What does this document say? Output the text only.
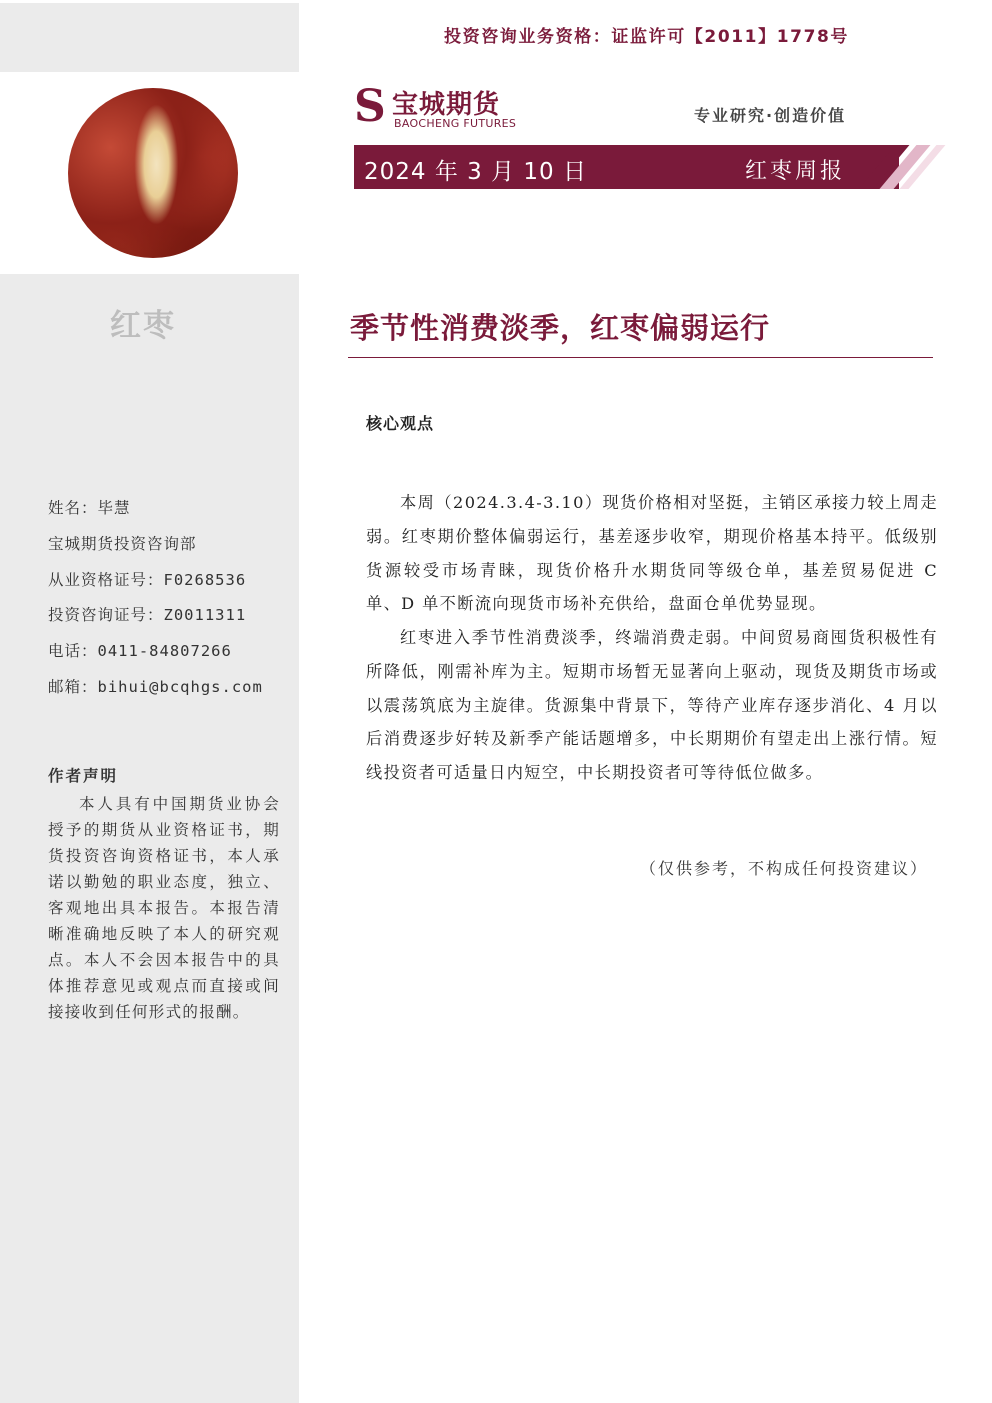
红枣
姓名：毕慧
宝城期货投资咨询部
从业资格证号：F0268536
投资咨询证号：Z0011311
电话：0411-84807266
邮箱：bihui@bcqhgs.com
作者声明
本人具有中国期货业协会授予的期货从业资格证书，期货投资咨询资格证书，本人承诺以勤勉的职业态度，独立、客观地出具本报告。本报告清晰准确地反映了本人的研究观点。本人不会因本报告中的具体推荐意见或观点而直接或间接接收到任何形式的报酬。
投资咨询业务资格：证监许可【2011】1778号
S 宝城期货
BAOCHENG FUTURES	专业研究·创造价值
2024 年 3 月 10 日	红枣周报
季节性消费淡季，红枣偏弱运行
核心观点

本周（2024.3.4-3.10）现货价格相对坚挺，主销区承接力较上周走弱。红枣期价整体偏弱运行，基差逐步收窄，期现价格基本持平。低级别货源较受市场青睐，现货价格升水期货同等级仓单，基差贸易促进 C 单、D 单不断流向现货市场补充供给，盘面仓单优势显现。

红枣进入季节性消费淡季，终端消费走弱。中间贸易商囤货积极性有所降低，刚需补库为主。短期市场暂无显著向上驱动，现货及期货市场或以震荡筑底为主旋律。货源集中背景下，等待产业库存逐步消化、4 月以后消费逐步好转及新季产能话题增多，中长期期价有望走出上涨行情。短线投资者可适量日内短空，中长期投资者可等待低位做多。

（仅供参考，不构成任何投资建议）
